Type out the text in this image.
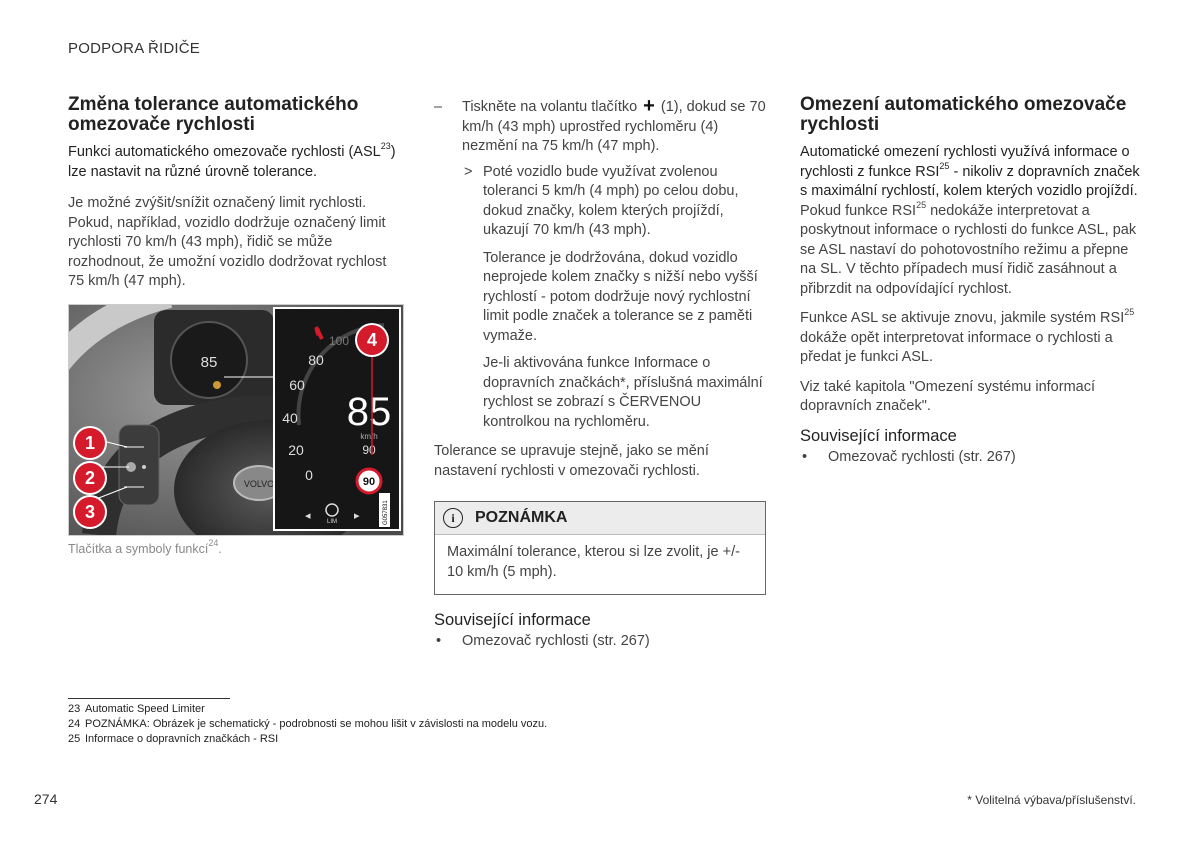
PODPORA ŘIDIČE
Změna tolerance automatického omezovače rychlosti

Funkci automatického omezovače rychlosti (ASL$^{23}$) lze nastavit na různé úrovně tolerance.

Je možné zvýšit/snížit označený limit rychlosti. Pokud, například, vozidlo dodržuje označený limit rychlosti 70 km/h (43 mph), řidič se může rozhodnout, že umožní vozidlo dodržovat rychlost 75 km/h (47 mph).

85
VOLVO
100
80
60
40
20
0
85
km/h
90
90
◂	LIM ▸	G057831
1
2
3
4
Tlačítka a symboly funkcí$^{24}$.
– Tiskněte na volantu tlačítko + (1), dokud se 70 km/h (43 mph) uprostřed rychloměru (4) nezmění na 75 km/h (47 mph).
> Poté vozidlo bude využívat zvolenou toleranci 5 km/h (4 mph) po celou dobu, dokud značky, kolem kterých projíždí, ukazují 70 km/h (43 mph).
Tolerance je dodržována, dokud vozidlo neprojede kolem značky s nižší nebo vyšší rychlostí - potom dodržuje nový rychlostní limit podle značek a tolerance se z paměti vymaže.
Je-li aktivována funkce Informace o dopravních značkách*, příslušná maximální rychlost se zobrazí s ČERVENOU kontrolkou na rychloměru.

Tolerance se upravuje stejně, jako se mění nastavení rychlosti v omezovači rychlosti.

i	POZNÁMKA
Maximální tolerance, kterou si lze zvolit, je +/- 10 km/h (5 mph).
Související informace
• Omezovač rychlosti (str. 267)
Omezení automatického omezovače rychlosti

Automatické omezení rychlosti využívá informace o rychlosti z funkce RSI$^{25}$ - nikoliv z dopravních značek s maximální rychlostí, kolem kterých vozidlo projíždí.

Pokud funkce RSI$^{25}$ nedokáže interpretovat a poskytnout informace o rychlosti do funkce ASL, pak se ASL nastaví do pohotovostního režimu a přepne na SL. V těchto případech musí řidič zasáhnout a přibrzdit na odpovídající rychlost.

Funkce ASL se aktivuje znovu, jakmile systém RSI$^{25}$ dokáže opět interpretovat informace o rychlosti a předat je funkci ASL.

Viz také kapitola "Omezení systému informací dopravních značek".

Související informace
• Omezovač rychlosti (str. 267)
23 Automatic Speed Limiter
24 POZNÁMKA: Obrázek je schematický - podrobnosti se mohou lišit v závislosti na modelu vozu.
25 Informace o dopravních značkách - RSI
274	* Volitelná výbava/příslušenství.
